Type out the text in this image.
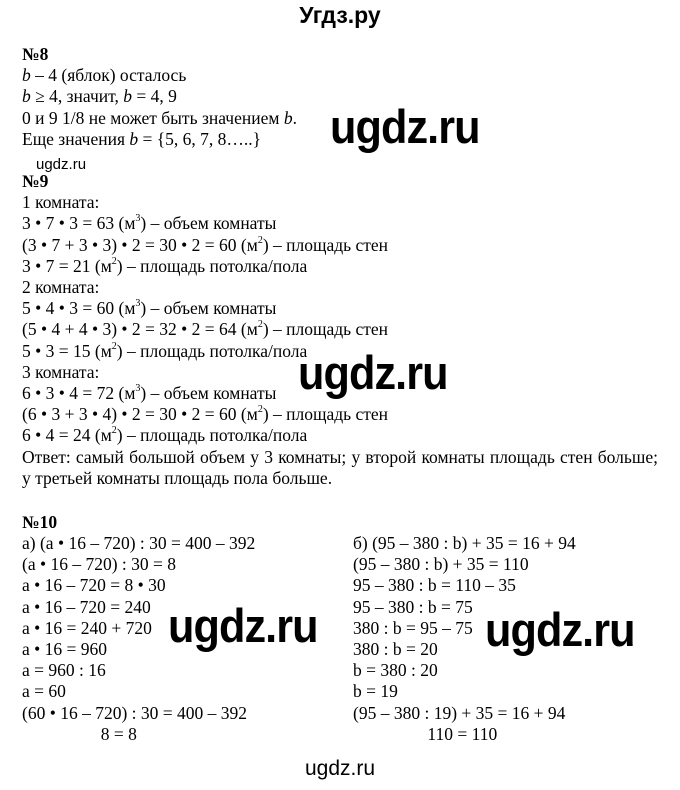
Угдз.ру
№8
b – 4 (яблок) осталось
b ≥ 4, значит, b = 4, 9
0 и 9 1/8 не может быть значением b.
Еще значения b = {5, 6, 7, 8…..}
ugdz.ru
№9
1 комната:
3 • 7 • 3 = 63 $(м^3)$ – объем комнаты
(3 • 7 + 3 • 3) • 2 = 30 • 2 = 60 $(м^2)$ – площадь стен
3 • 7 = 21 $(м^2)$ – площадь потолка/пола
2 комната:
5 • 4 • 3 = 60 $(м^3)$ – объем комнаты
(5 • 4 + 4 • 3) • 2 = 32 • 2 = 64 $(м^2)$ – площадь стен
5 • 3 = 15 $(м^2)$ – площадь потолка/пола
3 комната:
6 • 3 • 4 = 72 $(м^3)$ – объем комнаты
(6 • 3 + 3 • 4) • 2 = 30 • 2 = 60 $(м^2)$ – площадь стен
6 • 4 = 24 $(м^2)$ – площадь потолка/пола
Ответ: самый большой объем у 3 комнаты; у второй комнаты площадь стен больше; у третьей комнаты площадь пола больше.
№10
а) (a • 16 – 720) : 30 = 400 – 392
(a • 16 – 720) : 30 = 8
a • 16 – 720 = 8 • 30
a • 16 – 720 = 240
a • 16 = 240 + 720
a • 16 = 960
a = 960 : 16
a = 60
(60 • 16 – 720) : 30 = 400 – 392
8 = 8
б) (95 – 380 : b) + 35 = 16 + 94
(95 – 380 : b) + 35 = 110
95 – 380 : b = 110 – 35
95 – 380 : b = 75
380 : b = 95 – 75
380 : b = 20
b = 380 : 20
b = 19
(95 – 380 : 19) + 35 = 16 + 94
110 = 110
ugdz.ru
ugdz.ru
ugdz.ru	ugdz.ru
ugdz.ru
